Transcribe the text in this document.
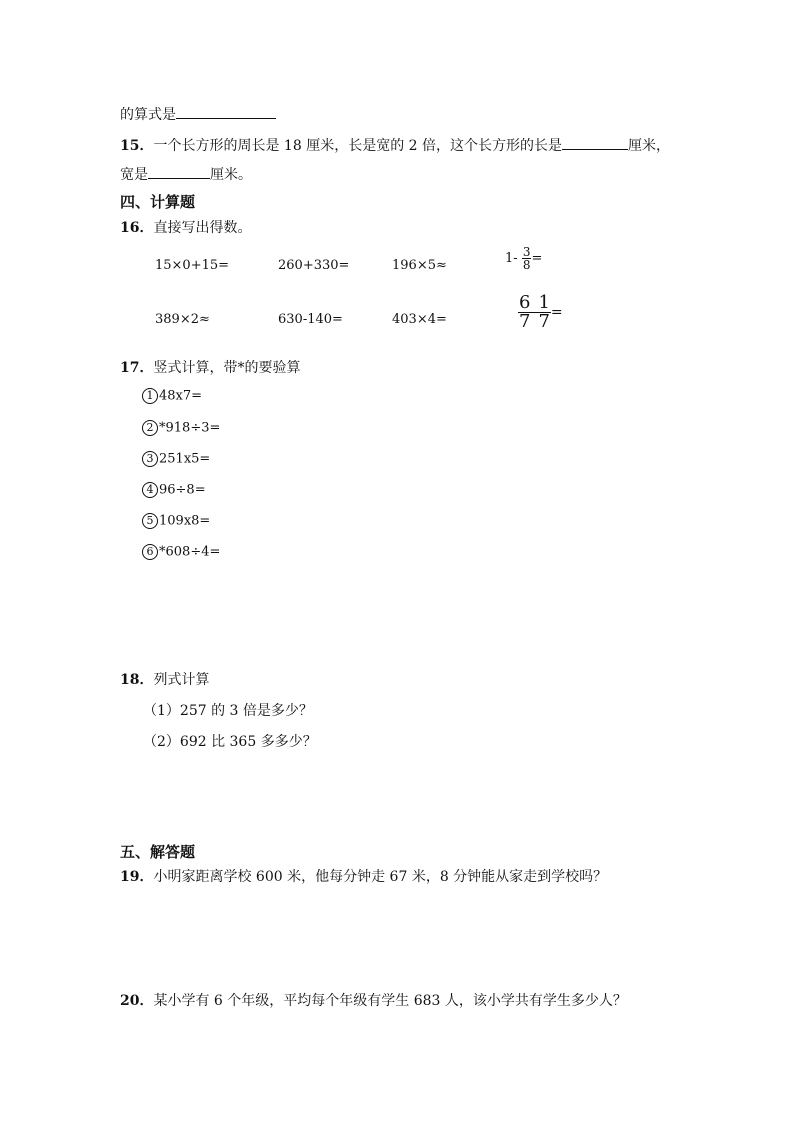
的算式是
15．一个长方形的周长是 18 厘米，长是宽的 2 倍，这个长方形的长是	厘米，
宽是	厘米。
四、计算题
16．直接写出得数。
15×0+15=	260+330=	196×5≈	$1- \frac{3}{8}$ =
389×2≈	630-140=	403×4=	$\frac{6}{7} \frac{1}{7}$ =
17．竖式计算，带*的要验算
1 48x7=
2 *918÷3=
3 251x5=
4 96÷8=
5 109x8=
6 *608÷4=
18．列式计算
（1）257 的 3 倍是多少？
（2）692 比 365 多多少？
五、解答题
19．小明家距离学校 600 米，他每分钟走 67 米，8 分钟能从家走到学校吗？
20．某小学有 6 个年级，平均每个年级有学生 683 人，该小学共有学生多少人？
